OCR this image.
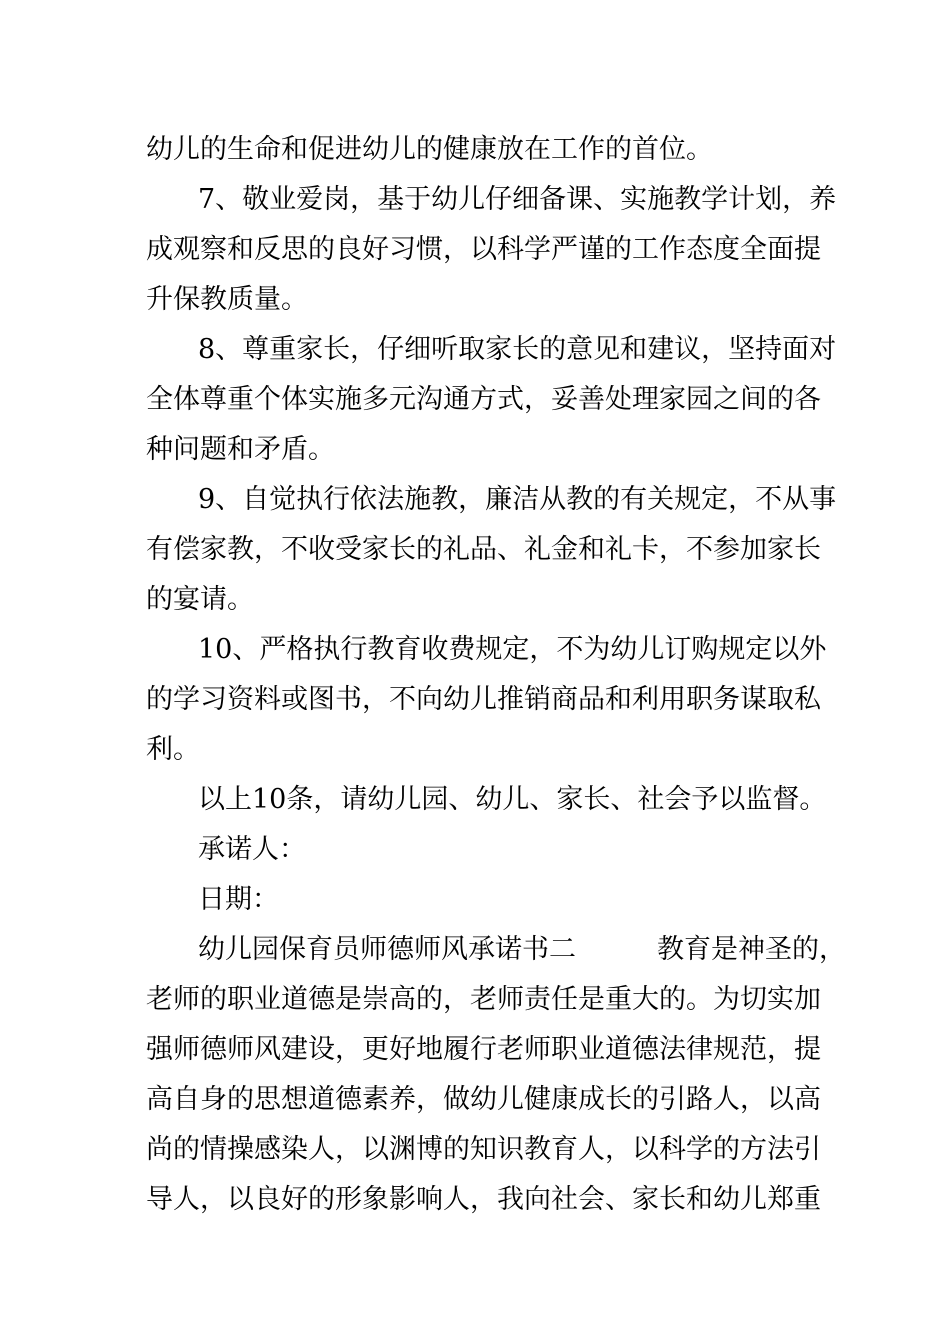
幼儿的生命和促进幼儿的健康放在工作的首位。
7、敬业爱岗，基于幼儿仔细备课、实施教学计划，养
成观察和反思的良好习惯，以科学严谨的工作态度全面提
升保教质量。
8、尊重家长，仔细听取家长的意见和建议，坚持面对
全体尊重个体实施多元沟通方式，妥善处理家园之间的各
种问题和矛盾。
9、自觉执行依法施教，廉洁从教的有关规定，不从事
有偿家教，不收受家长的礼品、礼金和礼卡，不参加家长
的宴请。
10、严格执行教育收费规定，不为幼儿订购规定以外
的学习资料或图书，不向幼儿推销商品和利用职务谋取私
利。
以上10条，请幼儿园、幼儿、家长、社会予以监督。
承诺人：
日期：
幼儿园保育员师德师风承诺书二　　　教育是神圣的，
老师的职业道德是崇高的，老师责任是重大的。为切实加
强师德师风建设，更好地履行老师职业道德法律规范，提
高自身的思想道德素养，做幼儿健康成长的引路人，以高
尚的情操感染人，以渊博的知识教育人，以科学的方法引
导人，以良好的形象影响人，我向社会、家长和幼儿郑重
